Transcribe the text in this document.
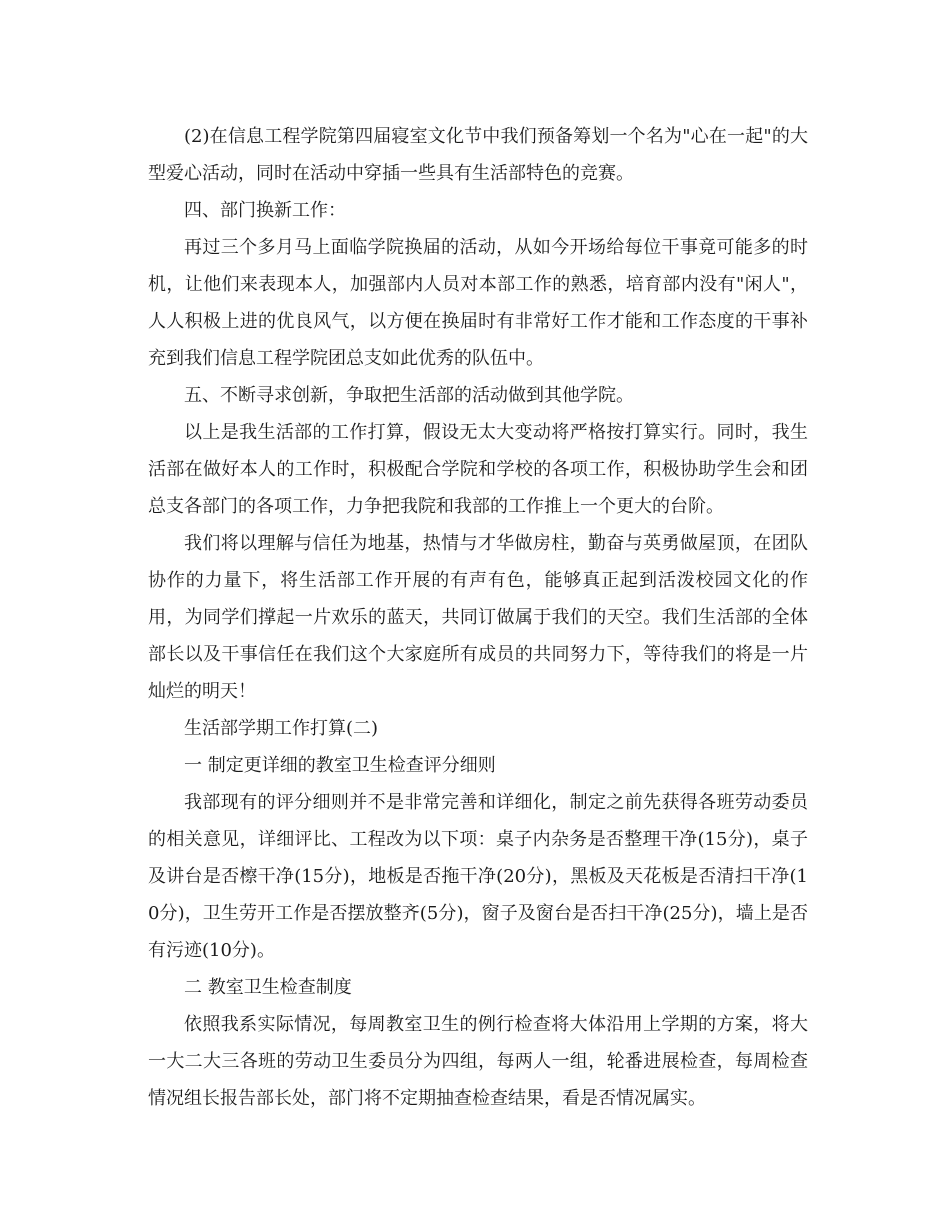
(2)在信息工程学院第四届寝室文化节中我们预备筹划一个名为"心在一起"的大型爱心活动，同时在活动中穿插一些具有生活部特色的竞赛。

四、部门换新工作：

再过三个多月马上面临学院换届的活动，从如今开场给每位干事竟可能多的时机，让他们来表现本人，加强部内人员对本部工作的熟悉，培育部内没有"闲人"，人人积极上进的优良风气，以方便在换届时有非常好工作才能和工作态度的干事补充到我们信息工程学院团总支如此优秀的队伍中。

五、不断寻求创新，争取把生活部的活动做到其他学院。

以上是我生活部的工作打算，假设无太大变动将严格按打算实行。同时，我生活部在做好本人的工作时，积极配合学院和学校的各项工作，积极协助学生会和团总支各部门的各项工作，力争把我院和我部的工作推上一个更大的台阶。

我们将以理解与信任为地基，热情与才华做房柱，勤奋与英勇做屋顶，在团队协作的力量下，将生活部工作开展的有声有色，能够真正起到活泼校园文化的作用，为同学们撑起一片欢乐的蓝天，共同订做属于我们的天空。我们生活部的全体部长以及干事信任在我们这个大家庭所有成员的共同努力下，等待我们的将是一片灿烂的明天！

生活部学期工作打算(二)

一 制定更详细的教室卫生检查评分细则

我部现有的评分细则并不是非常完善和详细化，制定之前先获得各班劳动委员的相关意见，详细评比、工程改为以下项：桌子内杂务是否整理干净(15分)，桌子及讲台是否檫干净(15分)，地板是否拖干净(20分)，黑板及天花板是否清扫干净(10分)，卫生劳开工作是否摆放整齐(5分)，窗子及窗台是否扫干净(25分)，墙上是否有污迹(10分)。

二 教室卫生检查制度

依照我系实际情况，每周教室卫生的例行检查将大体沿用上学期的方案，将大一大二大三各班的劳动卫生委员分为四组，每两人一组，轮番进展检查，每周检查情况组长报告部长处，部门将不定期抽查检查结果，看是否情况属实。
